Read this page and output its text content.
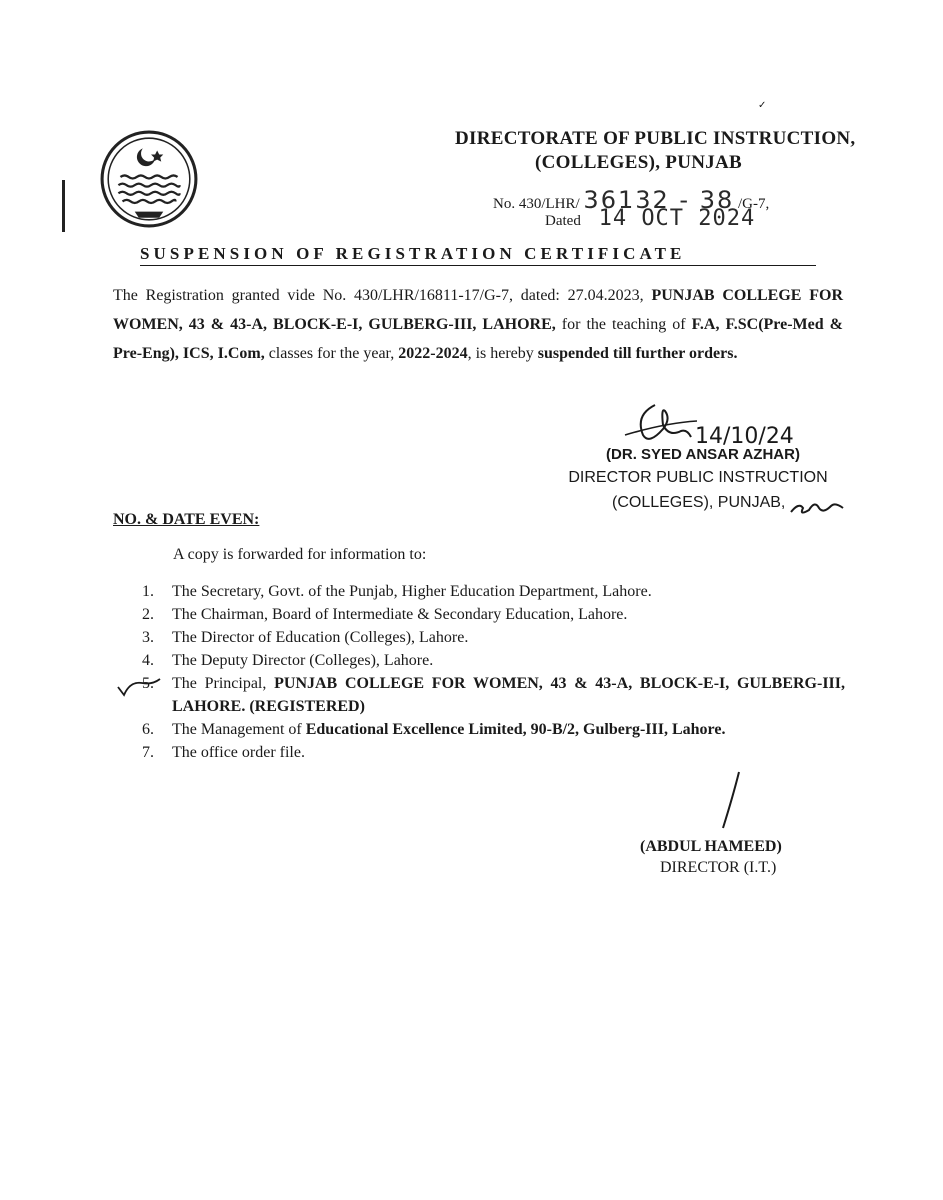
✓
DIRECTORATE OF PUBLIC INSTRUCTION,
(COLLEGES), PUNJAB
No. 430/LHR/ 36132 - 38 /G-7,
Dated 14 OCT 2024
SUSPENSION OF REGISTRATION CERTIFICATE
The Registration granted vide No. 430/LHR/16811-17/G-7, dated: 27.04.2023, PUNJAB COLLEGE FOR WOMEN, 43 & 43-A, BLOCK-E-I, GULBERG-III, LAHORE, for the teaching of F.A, F.SC(Pre-Med & Pre-Eng), ICS, I.Com, classes for the year, 2022-2024, is hereby suspended till further orders.
14/10/24
(DR. SYED ANSAR AZHAR)
DIRECTOR PUBLIC INSTRUCTION
(COLLEGES), PUNJAB,
NO. & DATE EVEN:
A copy is forwarded for information to:
1. The Secretary, Govt. of the Punjab, Higher Education Department, Lahore.
2. The Chairman, Board of Intermediate & Secondary Education, Lahore.
3. The Director of Education (Colleges), Lahore.
4. The Deputy Director (Colleges), Lahore.
5. The Principal, PUNJAB COLLEGE FOR WOMEN, 43 & 43-A, BLOCK-E-I, GULBERG-III, LAHORE. (REGISTERED)
6. The Management of Educational Excellence Limited, 90-B/2, Gulberg-III, Lahore.
7. The office order file.
(ABDUL HAMEED)
DIRECTOR (I.T.)
